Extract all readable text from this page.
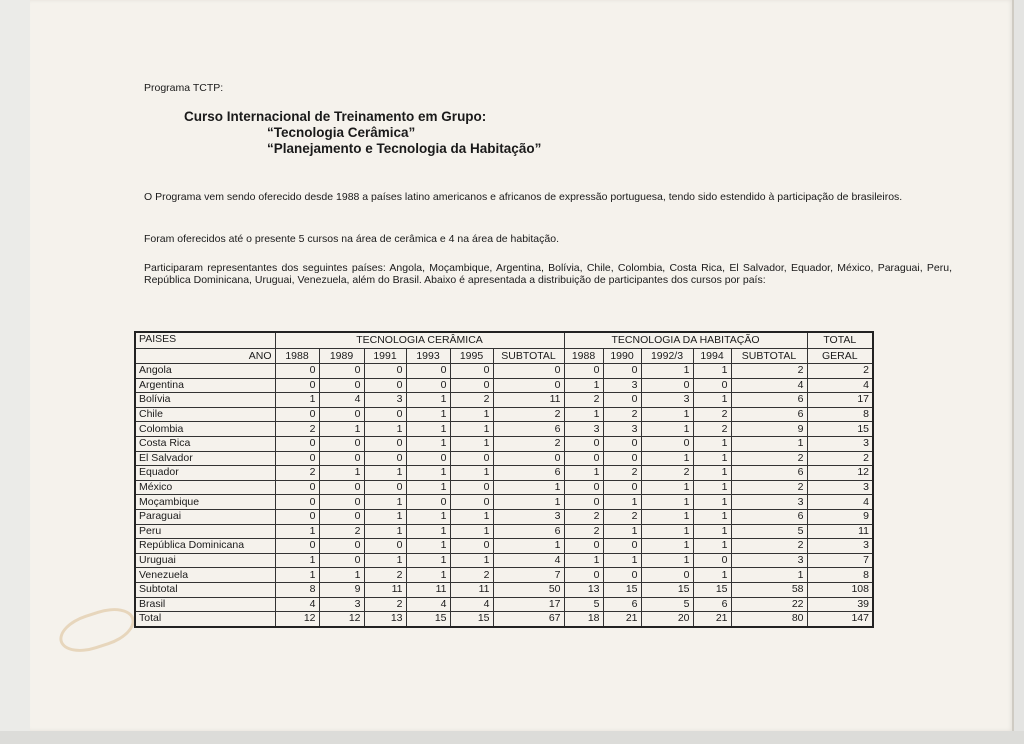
Programa TCTP:
Curso Internacional de Treinamento em Grupo:
“Tecnologia Cerâmica”
“Planejamento e Tecnologia da Habitação”
O Programa vem sendo oferecido desde 1988 a países latino americanos e africanos de expressão portuguesa, tendo sido estendido à participação de brasileiros.
Foram oferecidos até o presente 5 cursos na área de cerâmica e 4 na área de habitação.
Participaram representantes dos seguintes países: Angola, Moçambique, Argentina, Bolívia, Chile, Colombia, Costa Rica, El Salvador, Equador, México, Paraguai, Peru, República Dominicana, Uruguai, Venezuela, além do Brasil. Abaixo é apresentada a distribuição de participantes dos cursos por país:
PAISES	TECNOLOGIA CERÂMICA						TECNOLOGIA DA HABITAÇÃO					TOTAL
ANO	1988	1989	1991	1993	1995	SUBTOTAL	1988	1990	1992/3	1994	SUBTOTAL	GERAL
Angola	0	0	0	0	0	0	0	0	1	1	2	2
Argentina	0	0	0	0	0	0	1	3	0	0	4	4
Bolívia	1	4	3	1	2	11	2	0	3	1	6	17
Chile	0	0	0	1	1	2	1	2	1	2	6	8
Colombia	2	1	1	1	1	6	3	3	1	2	9	15
Costa Rica	0	0	0	1	1	2	0	0	0	1	1	3
El Salvador	0	0	0	0	0	0	0	0	1	1	2	2
Equador	2	1	1	1	1	6	1	2	2	1	6	12
México	0	0	0	1	0	1	0	0	1	1	2	3
Moçambique	0	0	1	0	0	1	0	1	1	1	3	4
Paraguai	0	0	1	1	1	3	2	2	1	1	6	9
Peru	1	2	1	1	1	6	2	1	1	1	5	11
República Dominicana	0	0	0	1	0	1	0	0	1	1	2	3
Uruguai	1	0	1	1	1	4	1	1	1	0	3	7
Venezuela	1	1	2	1	2	7	0	0	0	1	1	8
Subtotal	8	9	11	11	11	50	13	15	15	15	58	108
Brasil	4	3	2	4	4	17	5	6	5	6	22	39
Total	12	12	13	15	15	67	18	21	20	21	80	147
